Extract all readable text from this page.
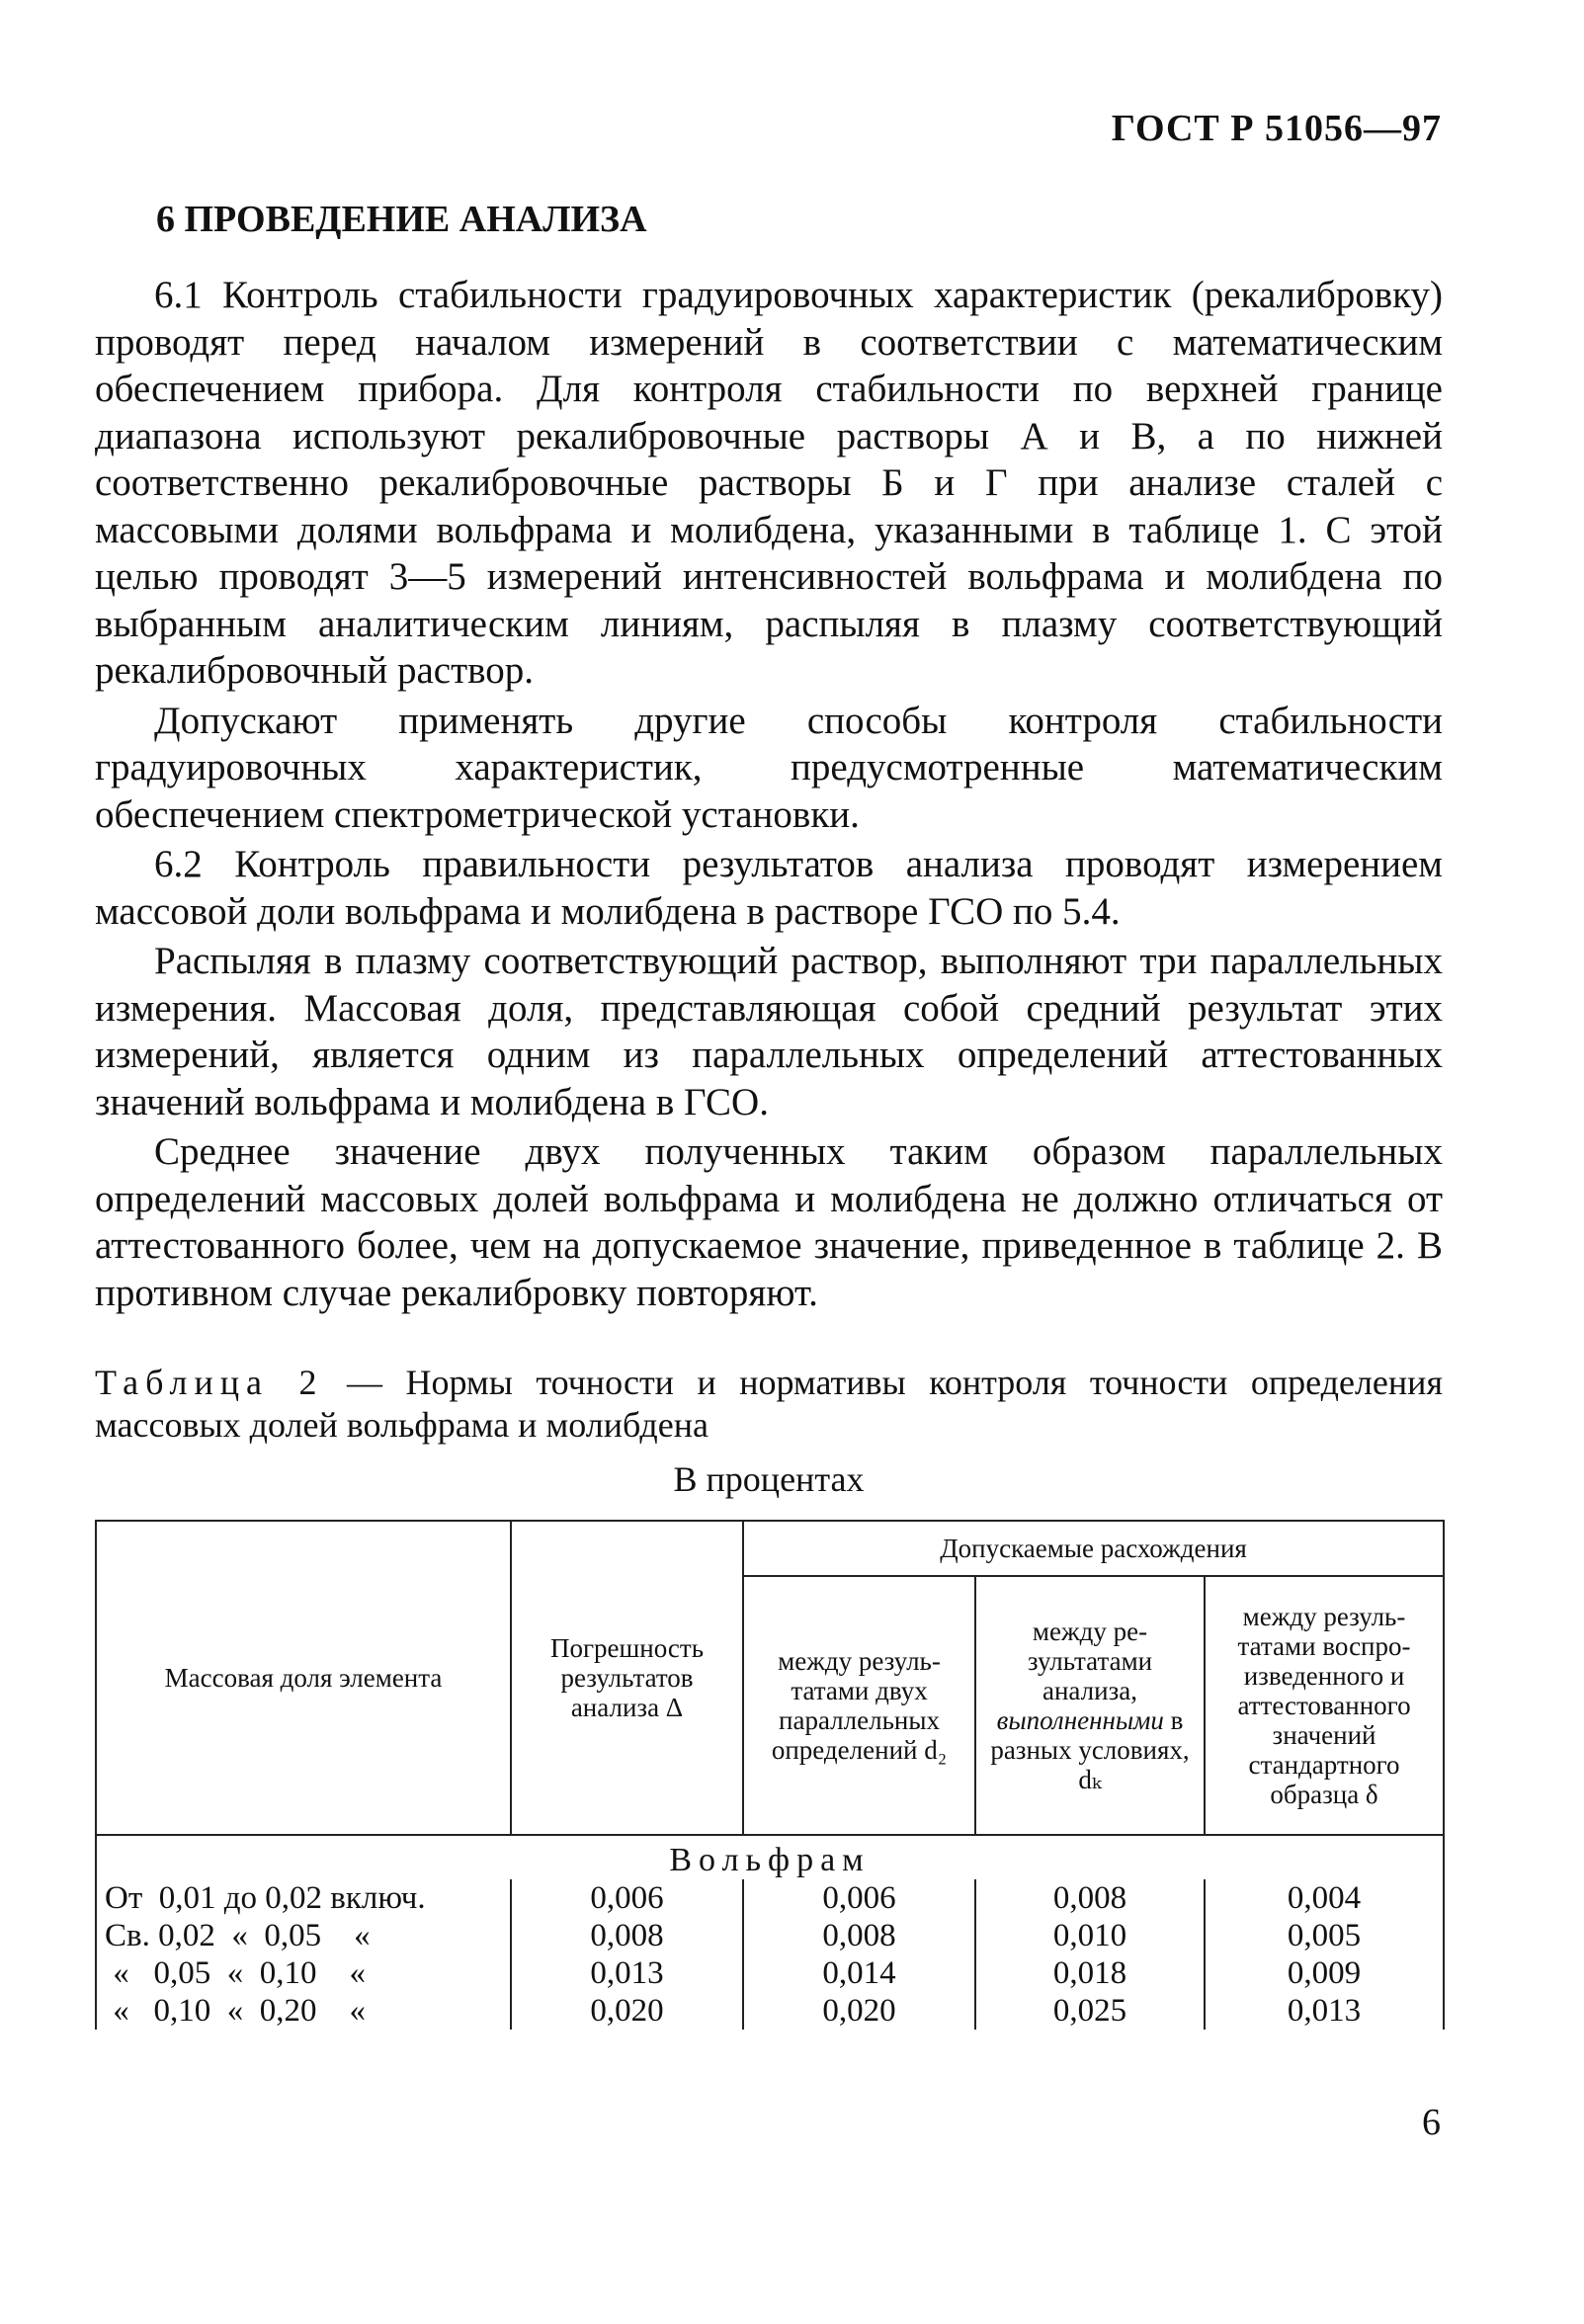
ГОСТ Р 51056—97
6 ПРОВЕДЕНИЕ АНАЛИЗА

6.1 Контроль стабильности градуировочных характеристик (рекалибровку) проводят перед началом измерений в соответствии с математическим обеспечением прибора. Для контроля стабильности по верхней границе диапазона используют рекалибровочные растворы А и В, а по нижней соответственно рекалибровочные растворы Б и Г при анализе сталей с массовыми долями вольфрама и молибдена, указанными в таблице 1. С этой целью проводят 3—5 измерений интенсивностей вольфрама и молибдена по выбранным аналитическим линиям, распыляя в плазму соответствующий рекалибровочный раствор.

Допускают применять другие способы контроля стабильности градуировочных характеристик, предусмотренные математическим обеспечением спектрометрической установки.

6.2 Контроль правильности результатов анализа проводят измерением массовой доли вольфрама и молибдена в растворе ГСО по 5.4.

Распыляя в плазму соответствующий раствор, выполняют три параллельных измерения. Массовая доля, представляющая собой средний результат этих измерений, является одним из параллельных определений аттестованных значений вольфрама и молибдена в ГСО.

Среднее значение двух полученных таким образом параллельных определений массовых долей вольфрама и молибдена не должно отличаться от аттестованного более, чем на допускаемое значение, приведенное в таблице 2. В противном случае рекалибровку повторяют.

Таблица 2 — Нормы точности и нормативы контроля точности определения массовых долей вольфрама и молибдена
В процентах
Массовая доля элемента	Погрешность результатов анализа Δ	Допускаемые расхождения		
		между результатами двух параллельных определений d₂	между результатами анализа, выполненными в разных условиях, dₖ	между результатами воспроизведенного и аттестованного значений стандартного образца δ
Вольфрам				
От  0,01 до 0,02 включ.	0,006	0,006	0,008	0,004
Св. 0,02  «  0,05    «	0,008	0,008	0,010	0,005
«   0,05  «  0,10    «	0,013	0,014	0,018	0,009
«   0,10  «  0,20    «	0,020	0,020	0,025	0,013
6
